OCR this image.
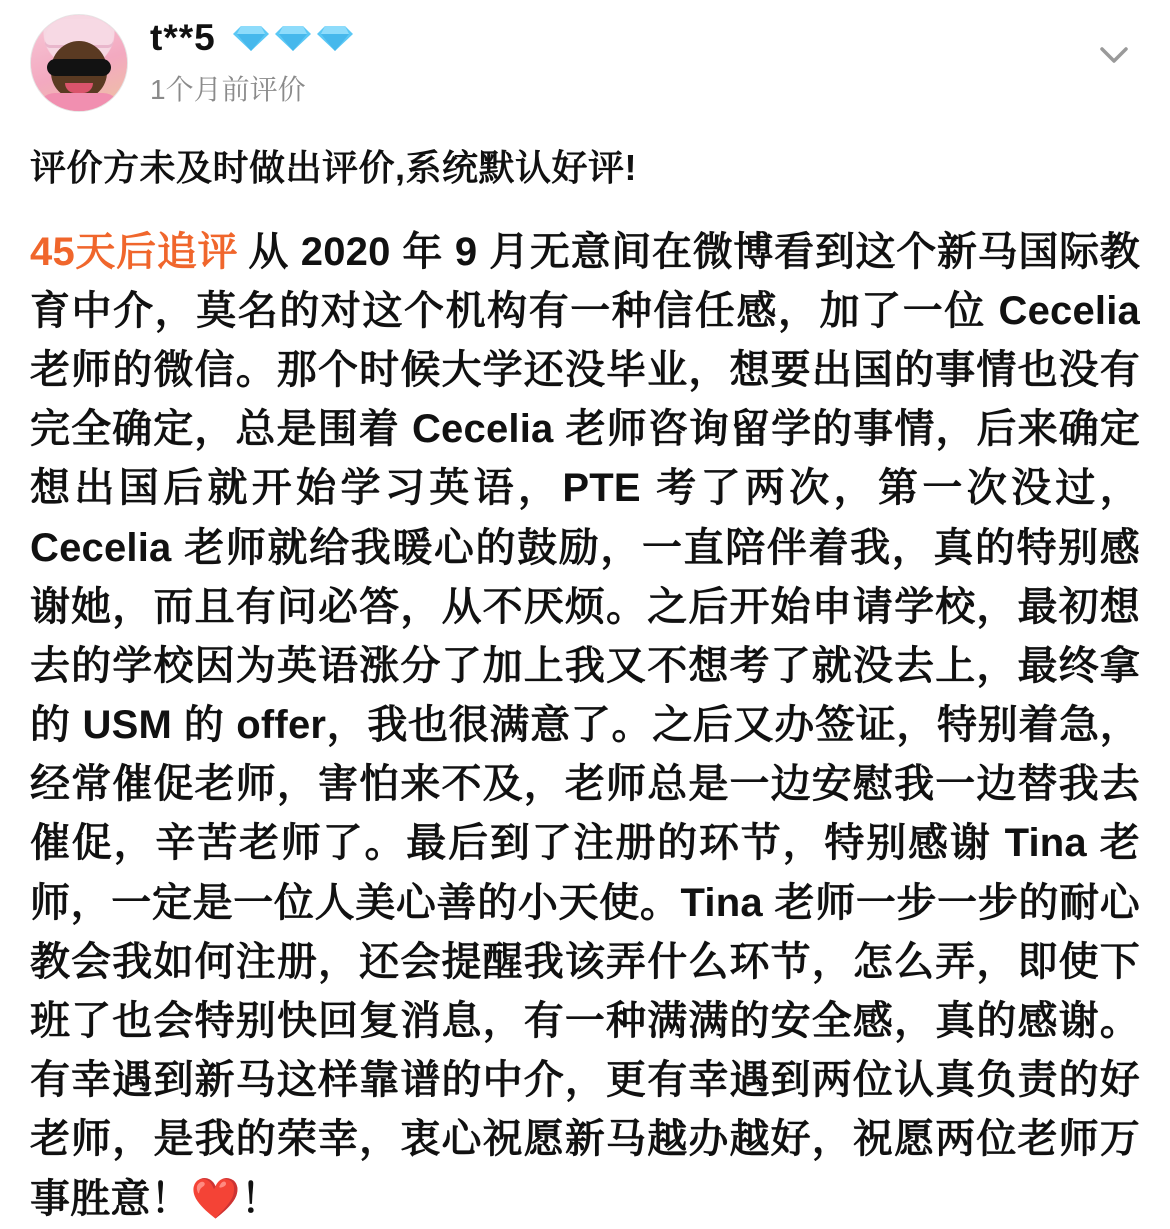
t**5
1个月前评价
评价方未及时做出评价,系统默认好评!
45天后追评 从 2020 年 9 月无意间在微博看到这个新马国际教育中介，莫名的对这个机构有一种信任感，加了一位 Cecelia 老师的微信。那个时候大学还没毕业，想要出国的事情也没有完全确定，总是围着 Cecelia 老师咨询留学的事情，后来确定想出国后就开始学习英语，PTE 考了两次，第一次没过，Cecelia 老师就给我暖心的鼓励，一直陪伴着我，真的特别感谢她，而且有问必答，从不厌烦。之后开始申请学校，最初想去的学校因为英语涨分了加上我又不想考了就没去上，最终拿的 USM 的 offer，我也很满意了。之后又办签证，特别着急，经常催促老师，害怕来不及，老师总是一边安慰我一边替我去催促，辛苦老师了。最后到了注册的环节，特别感谢 Tina 老师，一定是一位人美心善的小天使。Tina 老师一步一步的耐心教会我如何注册，还会提醒我该弄什么环节，怎么弄，即使下班了也会特别快回复消息，有一种满满的安全感，真的感谢。有幸遇到新马这样靠谱的中介，更有幸遇到两位认真负责的好老师，是我的荣幸，衷心祝愿新马越办越好，祝愿两位老师万事胜意！❤️！
